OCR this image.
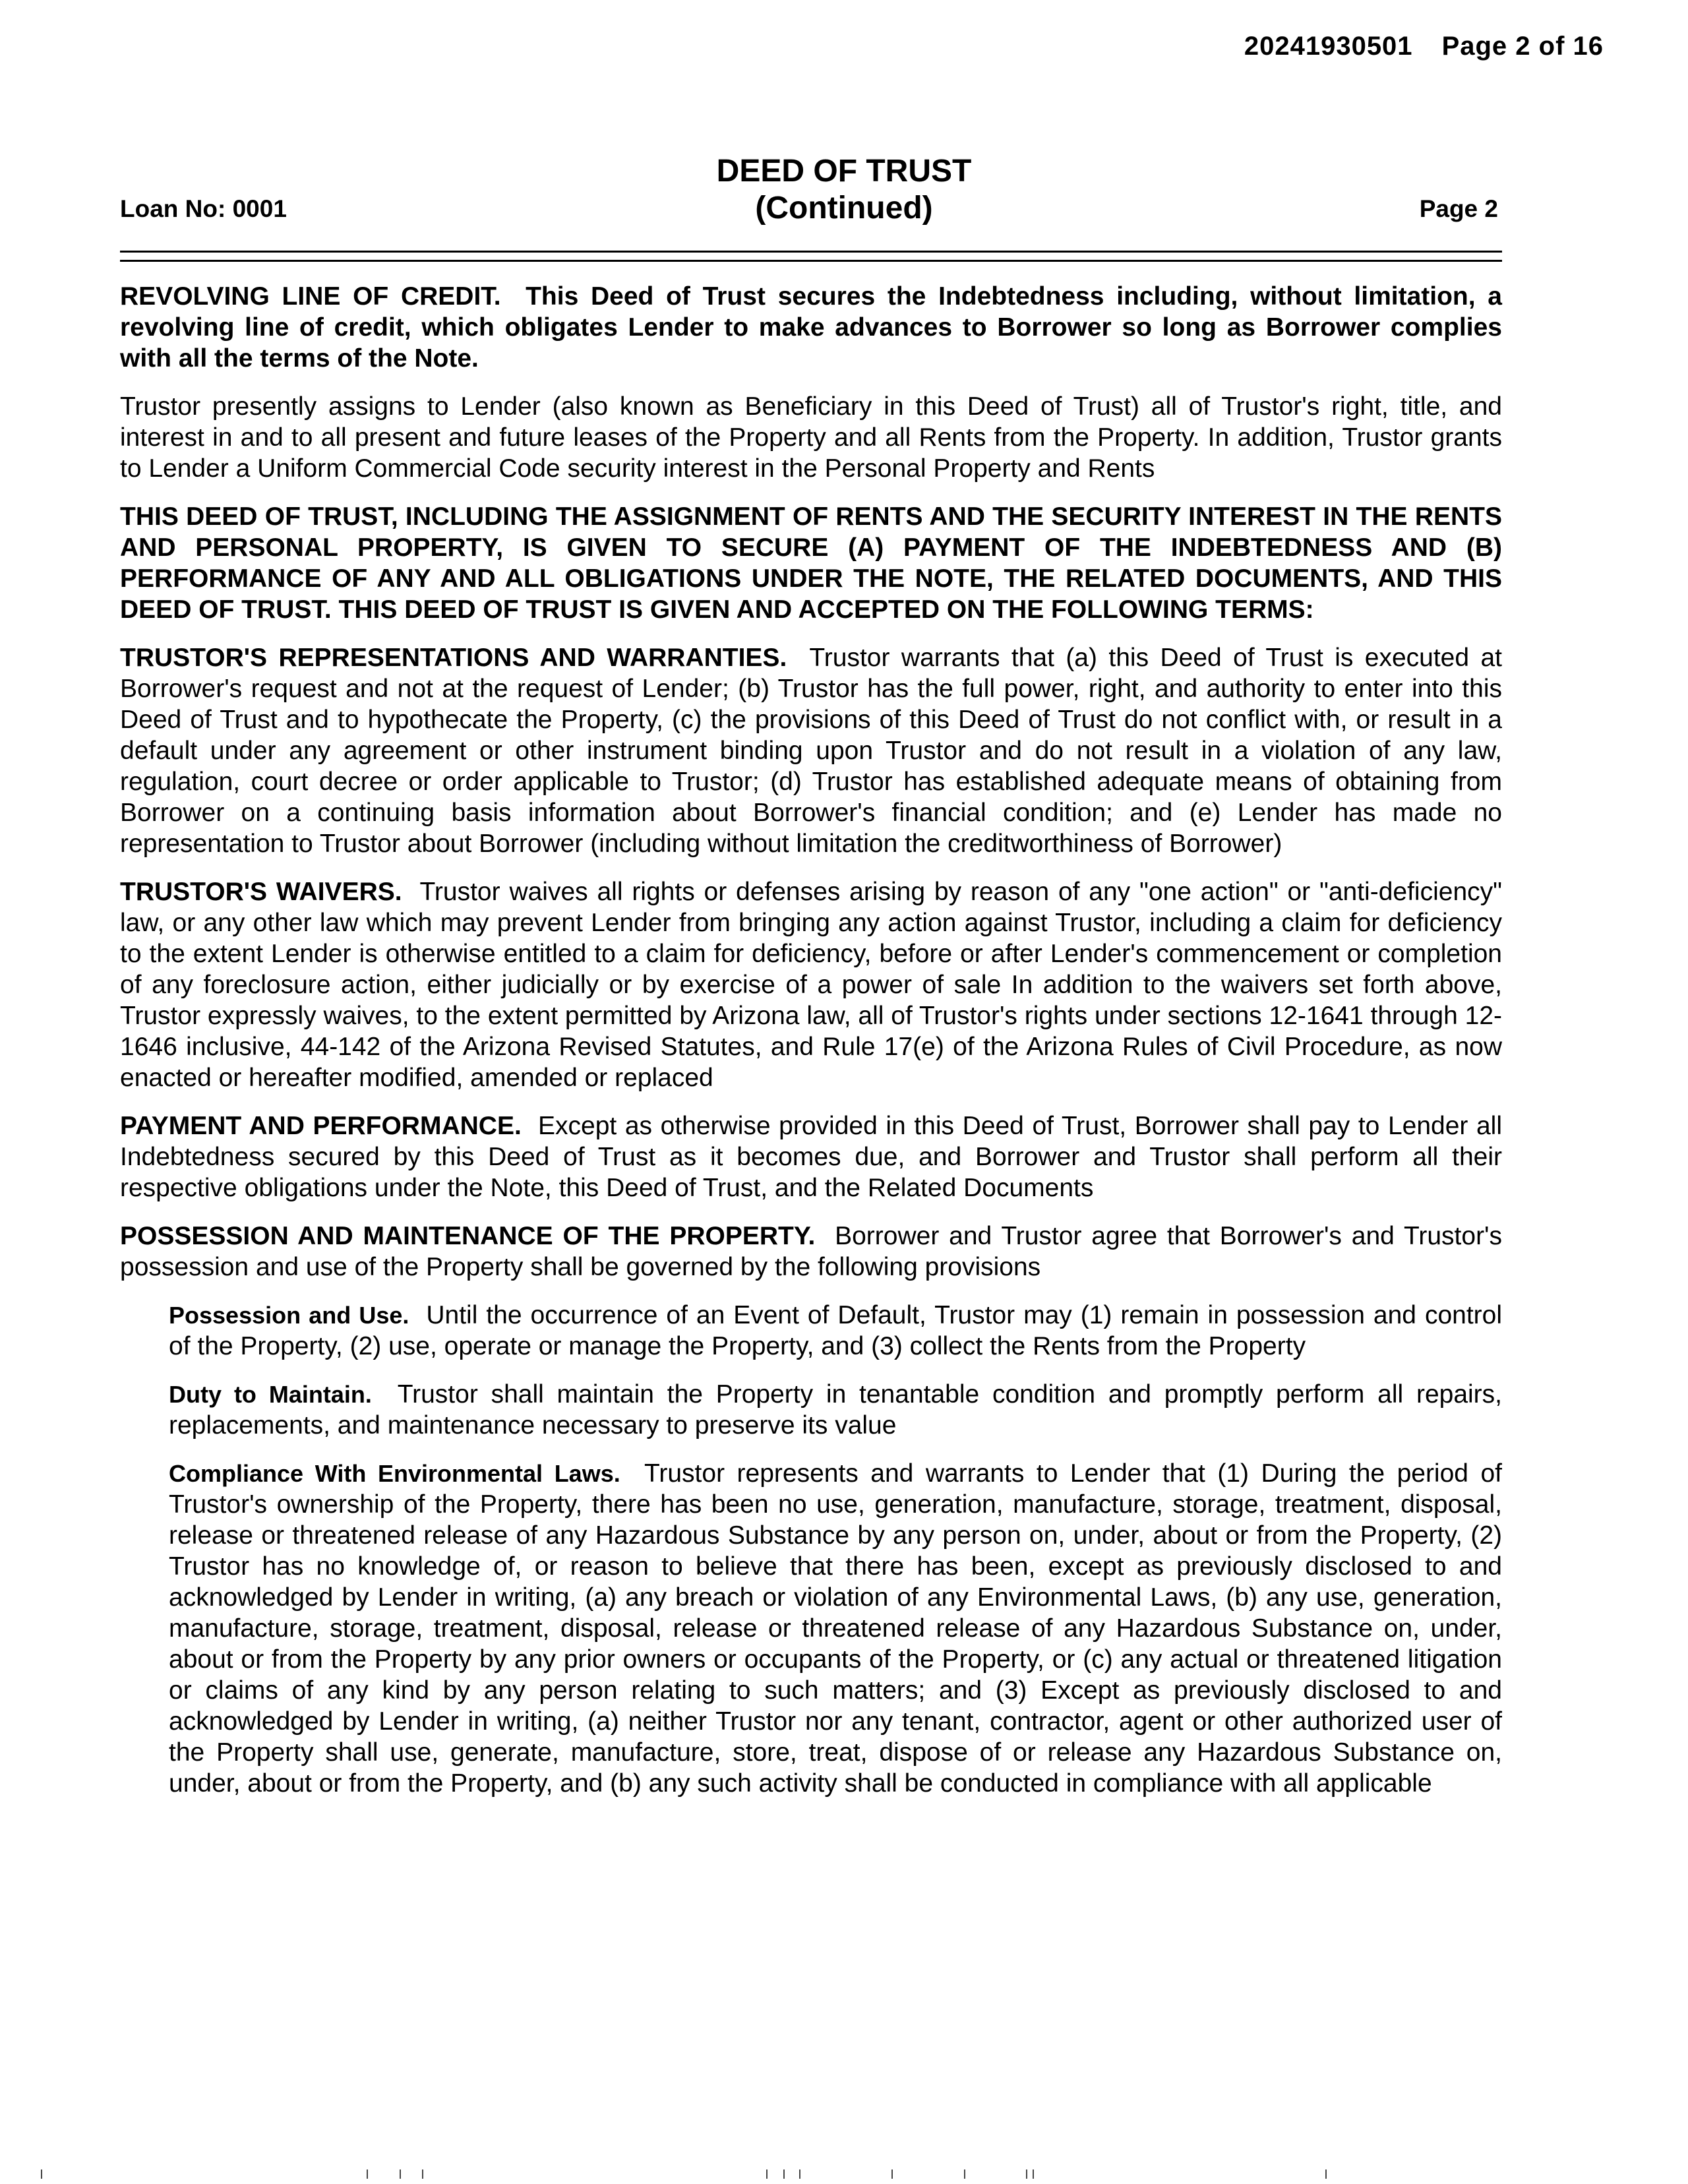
20241930501 Page 2 of 16
DEED OF TRUST
(Continued)
Loan No: 0001	Page 2

REVOLVING LINE OF CREDIT. This Deed of Trust secures the Indebtedness including, without limitation, a revolving line of credit, which obligates Lender to make advances to Borrower so long as Borrower complies with all the terms of the Note.

Trustor presently assigns to Lender (also known as Beneficiary in this Deed of Trust) all of Trustor's right, title, and interest in and to all present and future leases of the Property and all Rents from the Property. In addition, Trustor grants to Lender a Uniform Commercial Code security interest in the Personal Property and Rents

THIS DEED OF TRUST, INCLUDING THE ASSIGNMENT OF RENTS AND THE SECURITY INTEREST IN THE RENTS AND PERSONAL PROPERTY, IS GIVEN TO SECURE (A) PAYMENT OF THE INDEBTEDNESS AND (B) PERFORMANCE OF ANY AND ALL OBLIGATIONS UNDER THE NOTE, THE RELATED DOCUMENTS, AND THIS DEED OF TRUST. THIS DEED OF TRUST IS GIVEN AND ACCEPTED ON THE FOLLOWING TERMS:

TRUSTOR'S REPRESENTATIONS AND WARRANTIES. Trustor warrants that (a) this Deed of Trust is executed at Borrower's request and not at the request of Lender; (b) Trustor has the full power, right, and authority to enter into this Deed of Trust and to hypothecate the Property, (c) the provisions of this Deed of Trust do not conflict with, or result in a default under any agreement or other instrument binding upon Trustor and do not result in a violation of any law, regulation, court decree or order applicable to Trustor; (d) Trustor has established adequate means of obtaining from Borrower on a continuing basis information about Borrower's financial condition; and (e) Lender has made no representation to Trustor about Borrower (including without limitation the creditworthiness of Borrower)

TRUSTOR'S WAIVERS. Trustor waives all rights or defenses arising by reason of any "one action" or "anti-deficiency" law, or any other law which may prevent Lender from bringing any action against Trustor, including a claim for deficiency to the extent Lender is otherwise entitled to a claim for deficiency, before or after Lender's commencement or completion of any foreclosure action, either judicially or by exercise of a power of sale In addition to the waivers set forth above, Trustor expressly waives, to the extent permitted by Arizona law, all of Trustor's rights under sections 12-1641 through 12-1646 inclusive, 44-142 of the Arizona Revised Statutes, and Rule 17(e) of the Arizona Rules of Civil Procedure, as now enacted or hereafter modified, amended or replaced

PAYMENT AND PERFORMANCE. Except as otherwise provided in this Deed of Trust, Borrower shall pay to Lender all Indebtedness secured by this Deed of Trust as it becomes due, and Borrower and Trustor shall perform all their respective obligations under the Note, this Deed of Trust, and the Related Documents

POSSESSION AND MAINTENANCE OF THE PROPERTY. Borrower and Trustor agree that Borrower's and Trustor's possession and use of the Property shall be governed by the following provisions

Possession and Use. Until the occurrence of an Event of Default, Trustor may (1) remain in possession and control of the Property, (2) use, operate or manage the Property, and (3) collect the Rents from the Property

Duty to Maintain. Trustor shall maintain the Property in tenantable condition and promptly perform all repairs, replacements, and maintenance necessary to preserve its value

Compliance With Environmental Laws. Trustor represents and warrants to Lender that (1) During the period of Trustor's ownership of the Property, there has been no use, generation, manufacture, storage, treatment, disposal, release or threatened release of any Hazardous Substance by any person on, under, about or from the Property, (2) Trustor has no knowledge of, or reason to believe that there has been, except as previously disclosed to and acknowledged by Lender in writing, (a) any breach or violation of any Environmental Laws, (b) any use, generation, manufacture, storage, treatment, disposal, release or threatened release of any Hazardous Substance on, under, about or from the Property by any prior owners or occupants of the Property, or (c) any actual or threatened litigation or claims of any kind by any person relating to such matters; and (3) Except as previously disclosed to and acknowledged by Lender in writing, (a) neither Trustor nor any tenant, contractor, agent or other authorized user of the Property shall use, generate, manufacture, store, treat, dispose of or release any Hazardous Substance on, under, about or from the Property, and (b) any such activity shall be conducted in compliance with all applicable
